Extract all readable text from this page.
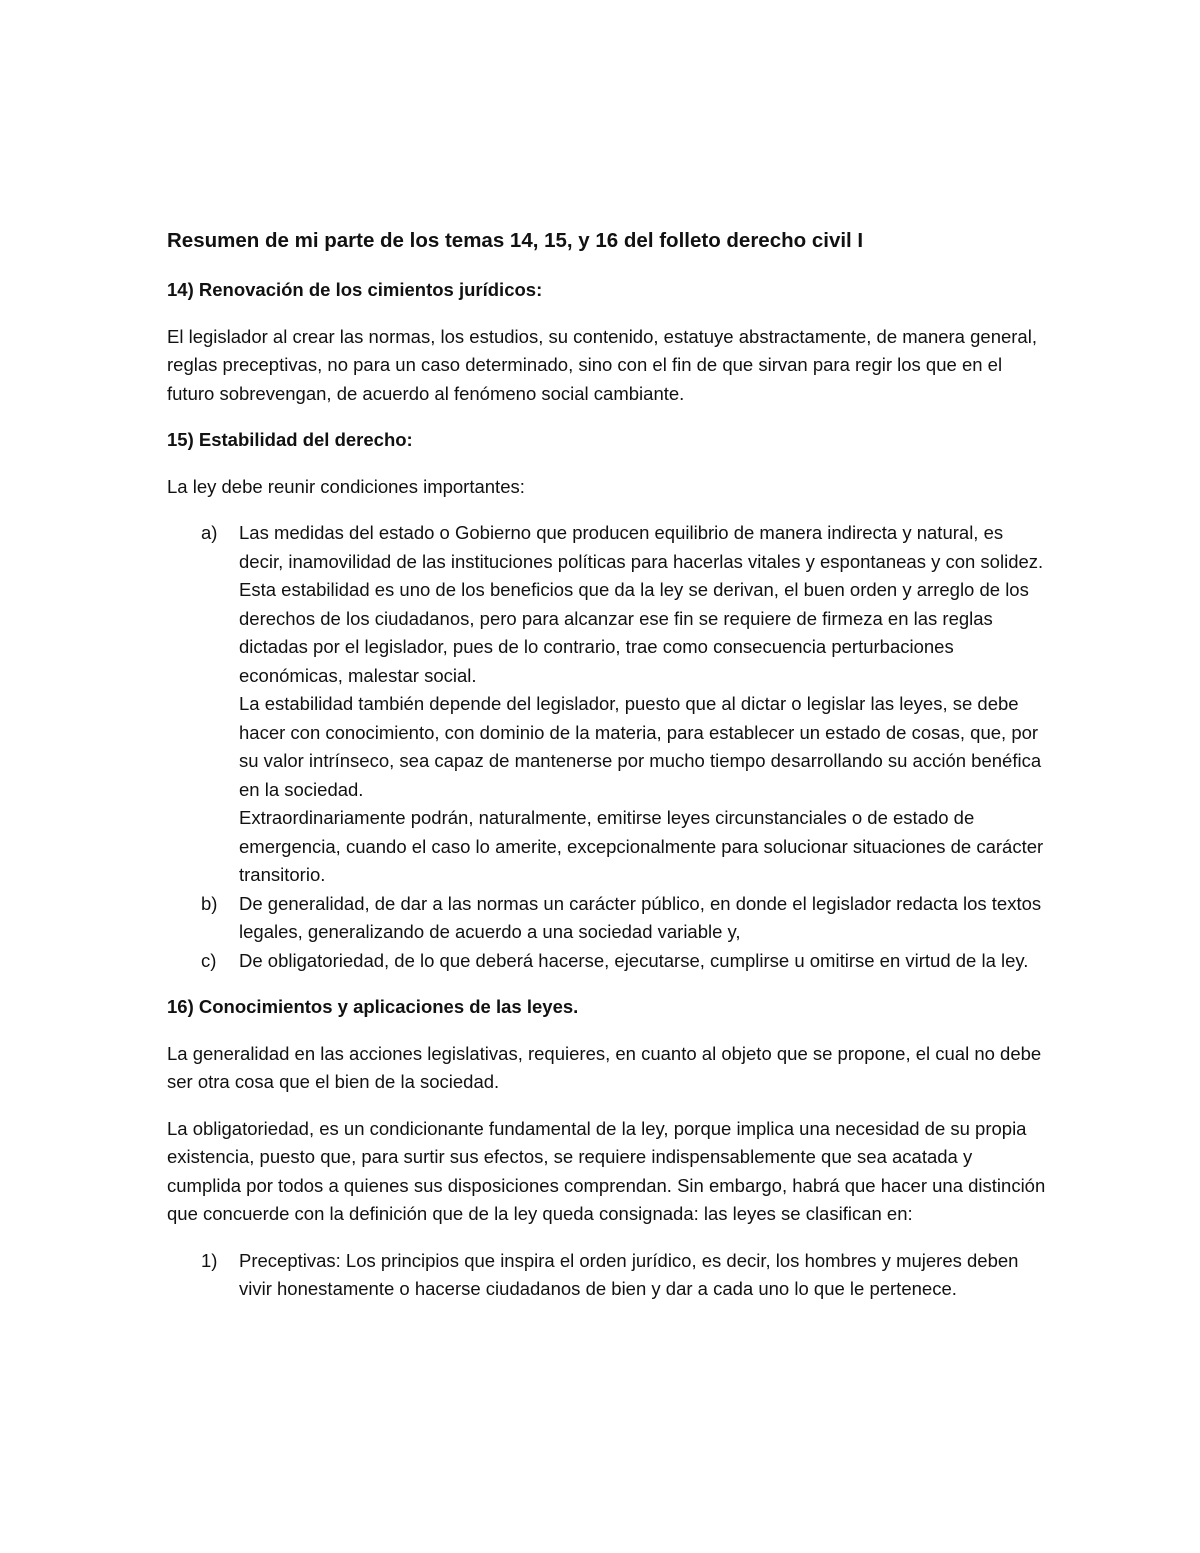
Resumen de mi parte de los temas 14, 15, y 16 del folleto derecho civil I

14) Renovación de los cimientos jurídicos:

El legislador al crear las normas, los estudios, su contenido, estatuye abstractamente, de manera general, reglas preceptivas, no para un caso determinado, sino con el fin de que sirvan para regir los que en el futuro sobrevengan, de acuerdo al fenómeno social cambiante.

15) Estabilidad del derecho:

La ley debe reunir condiciones importantes:

a)	Las medidas del estado o Gobierno que producen equilibrio de manera indirecta y natural, es decir, inamovilidad de las instituciones políticas para hacerlas vitales y espontaneas y con solidez.

Esta estabilidad es uno de los beneficios que da la ley se derivan, el buen orden y arreglo de los derechos de los ciudadanos, pero para alcanzar ese fin se requiere de firmeza en las reglas dictadas por el legislador, pues de lo contrario, trae como consecuencia perturbaciones económicas, malestar social.

La estabilidad también depende del legislador, puesto que al dictar o legislar las leyes, se debe hacer con conocimiento, con dominio de la materia, para establecer un estado de cosas, que, por su valor intrínseco, sea capaz de mantenerse por mucho tiempo desarrollando su acción benéfica en la sociedad.

Extraordinariamente podrán, naturalmente, emitirse leyes circunstanciales o de estado de emergencia, cuando el caso lo amerite, excepcionalmente para solucionar situaciones de carácter transitorio.

b)	De generalidad, de dar a las normas un carácter público, en donde el legislador redacta los textos legales, generalizando de acuerdo a una sociedad variable y,

c)	De obligatoriedad, de lo que deberá hacerse, ejecutarse, cumplirse u omitirse en virtud de la ley.

16) Conocimientos y aplicaciones de las leyes.

La generalidad en las acciones legislativas, requieres, en cuanto al objeto que se propone, el cual no debe ser otra cosa que el bien de la sociedad.

La obligatoriedad, es un condicionante fundamental de la ley, porque implica una necesidad de su propia existencia, puesto que, para surtir sus efectos, se requiere indispensablemente que sea acatada y cumplida por todos a quienes sus disposiciones comprendan. Sin embargo, habrá que hacer una distinción que concuerde con la definición que de la ley queda consignada: las leyes se clasifican en:

1)	Preceptivas: Los principios que inspira el orden jurídico, es decir, los hombres y mujeres deben vivir honestamente o hacerse ciudadanos de bien y dar a cada uno lo que le pertenece.
